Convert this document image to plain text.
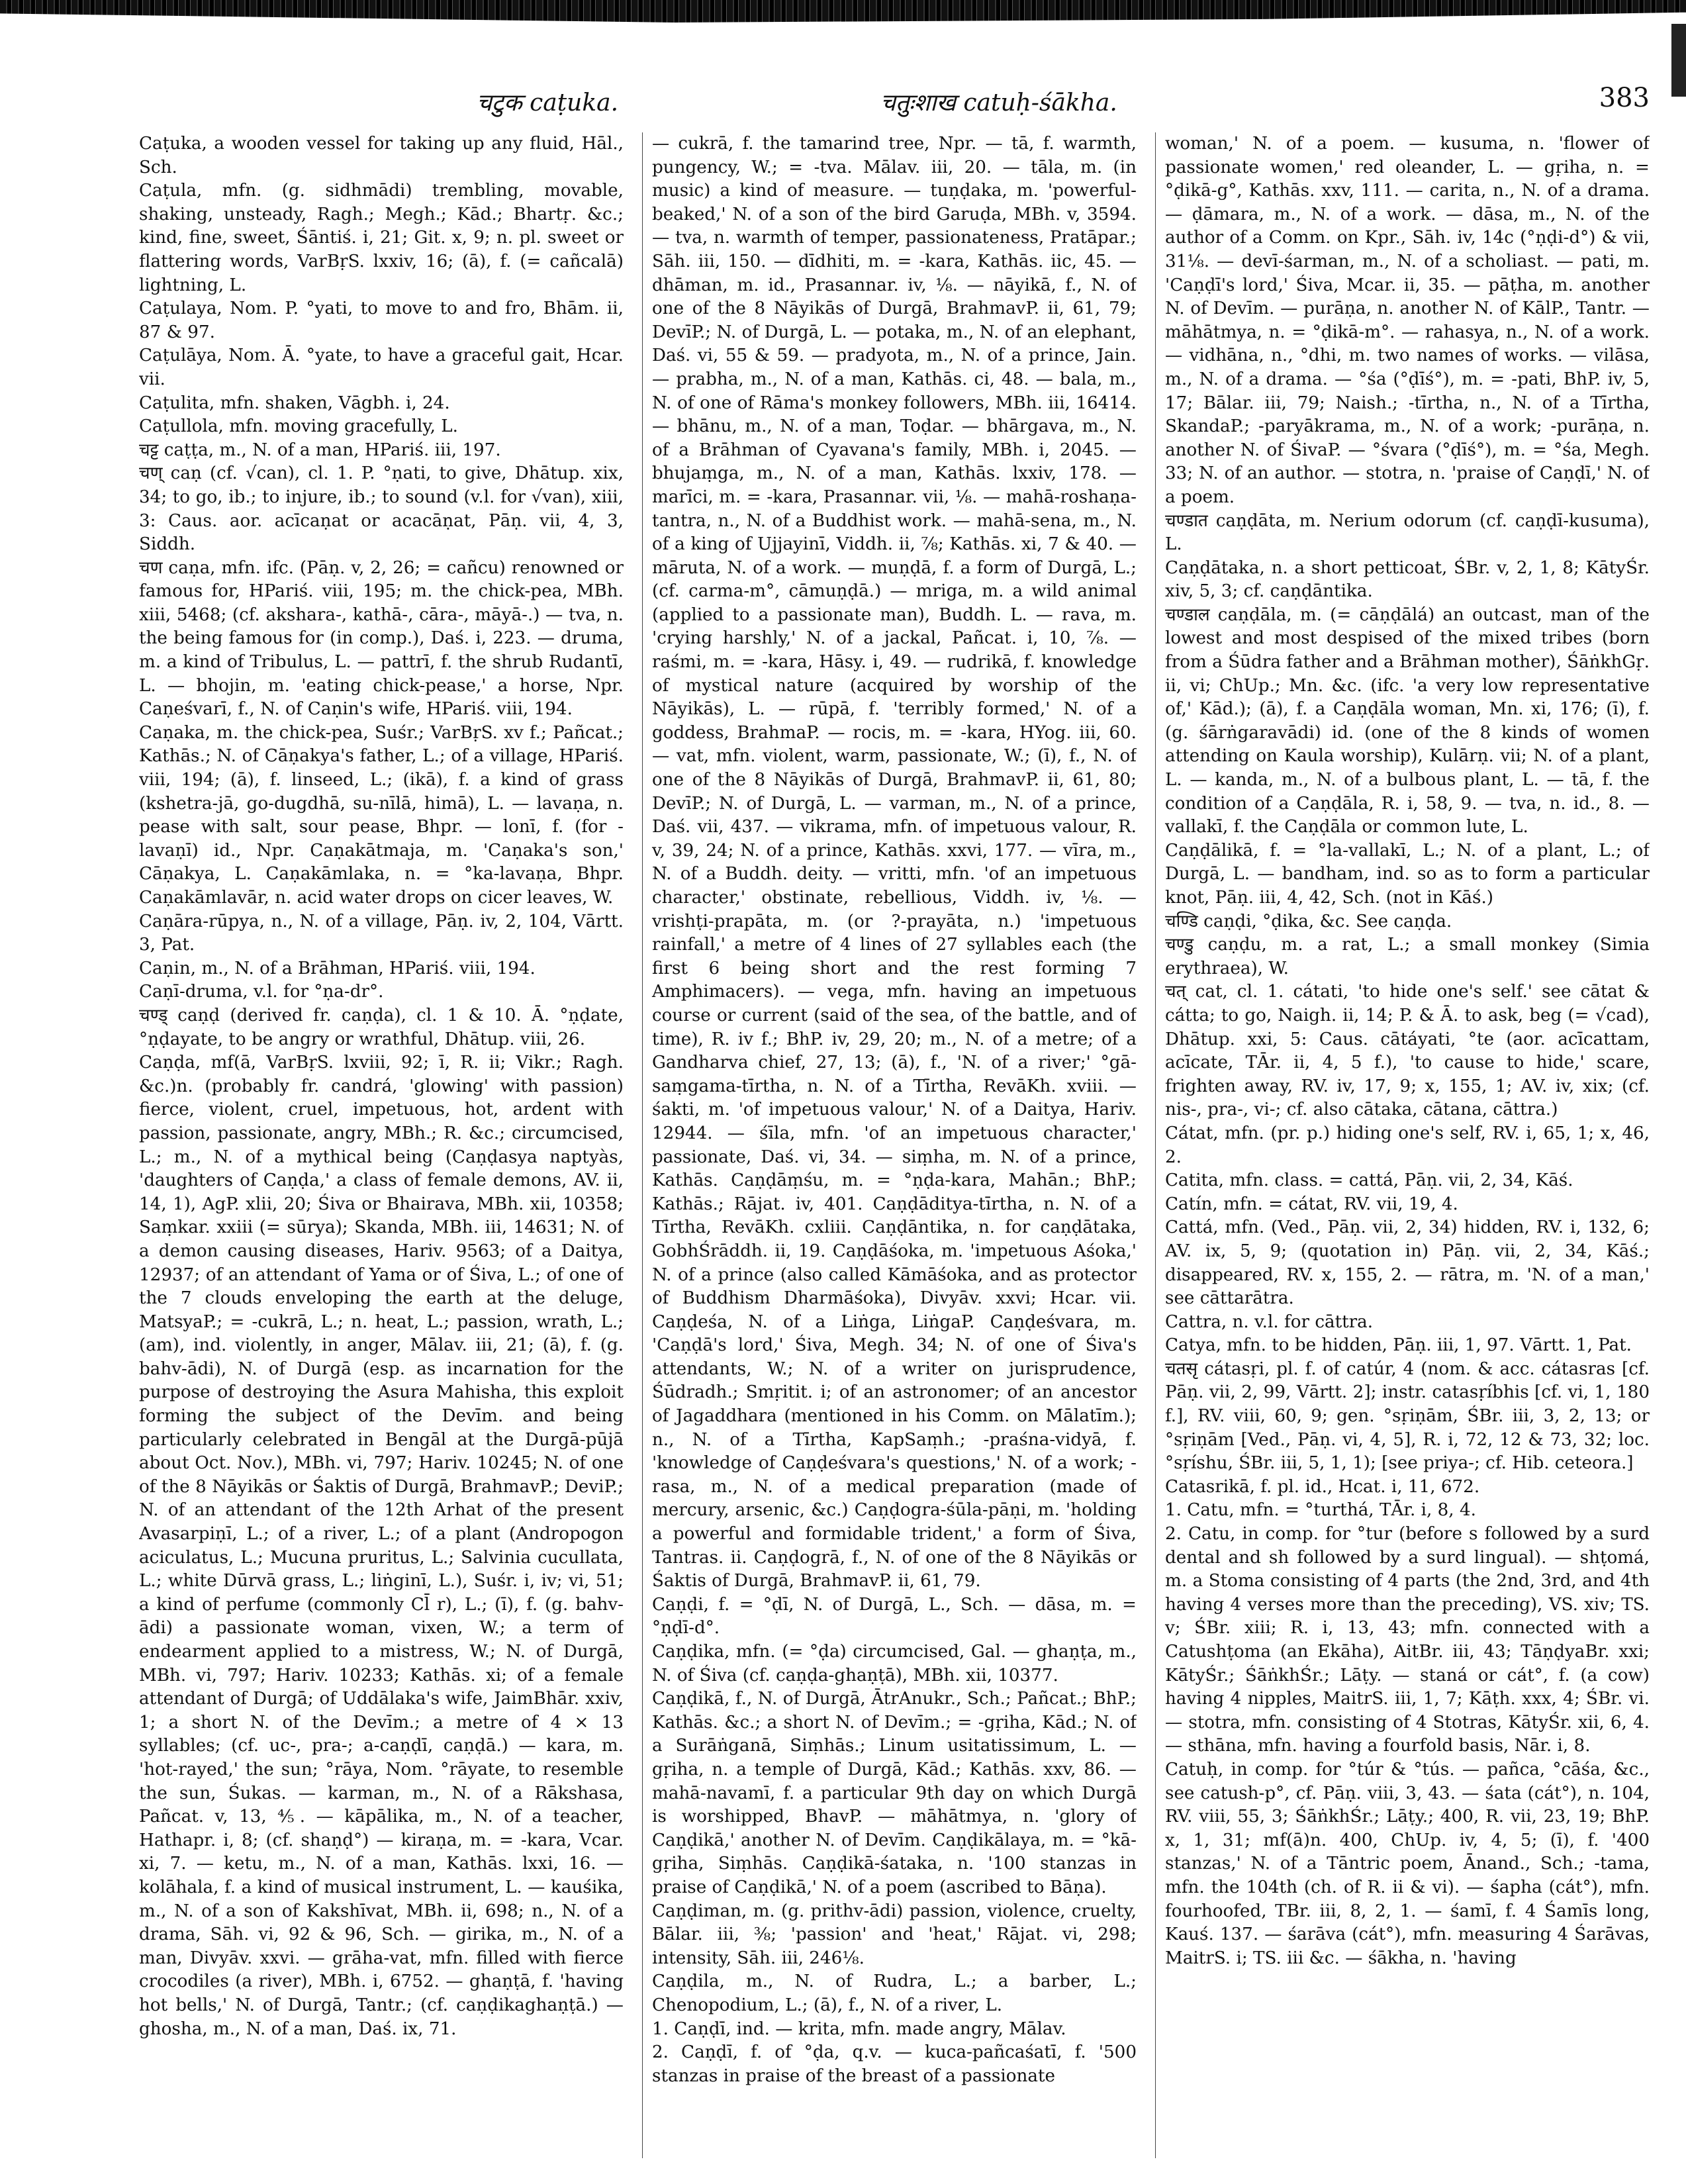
चटुक caṭuka.	चतुःशाख catuḥ-śākha.	383

Caṭuka, a wooden vessel for taking up any fluid, Hāl., Sch.

Caṭula, mfn. (g. sidhmādi) trembling, movable, shaking, unsteady, Ragh.; Megh.; Kād.; Bhartṛ. &c.; kind, fine, sweet, Śāntiś. i, 21; Git. x, 9; n. pl. sweet or flattering words, VarBṛS. lxxiv, 16; (ā), f. (= cañcalā) lightning, L.

Caṭulaya, Nom. P. °yati, to move to and fro, Bhām. ii, 87 & 97.

Caṭulāya, Nom. Ā. °yate, to have a graceful gait, Hcar. vii.

Caṭulita, mfn. shaken, Vāgbh. i, 24.

Caṭullola, mfn. moving gracefully, L.

चट्ट caṭṭa, m., N. of a man, HPariś. iii, 197.

चण् caṇ (cf. √can), cl. 1. P. °ṇati, to give, Dhātup. xix, 34; to go, ib.; to injure, ib.; to sound (v.l. for √van), xiii, 3: Caus. aor. acīcaṇat or acacāṇat, Pāṇ. vii, 4, 3, Siddh.

चण caṇa, mfn. ifc. (Pāṇ. v, 2, 26; = cañcu) renowned or famous for, HPariś. viii, 195; m. the chick-pea, MBh. xiii, 5468; (cf. akshara-, kathā-, cāra-, māyā-.) — tva, n. the being famous for (in comp.), Daś. i, 223. — druma, m. a kind of Tribulus, L. — pattrī, f. the shrub Rudantī, L. — bhojin, m. 'eating chick-pease,' a horse, Npr. Caṇeśvarī, f., N. of Caṇin's wife, HPariś. viii, 194.

Caṇaka, m. the chick-pea, Suśr.; VarBṛS. xv f.; Pañcat.; Kathās.; N. of Cāṇakya's father, L.; of a village, HPariś. viii, 194; (ā), f. linseed, L.; (ikā), f. a kind of grass (kshetra-jā, go-dugdhā, su-nīlā, himā), L. — lavaṇa, n. pease with salt, sour pease, Bhpr. — lonī, f. (for -lavaṇī) id., Npr. Caṇakātmaja, m. 'Caṇaka's son,' Cāṇakya, L. Caṇakāmlaka, n. = °ka-lavaṇa, Bhpr. Caṇakāmlavār, n. acid water drops on cicer leaves, W.

Caṇāra-rūpya, n., N. of a village, Pāṇ. iv, 2, 104, Vārtt. 3, Pat.

Caṇin, m., N. of a Brāhman, HPariś. viii, 194.

Caṇī-druma, v.l. for °ṇa-dr°.

चण्ड् caṇḍ (derived fr. caṇḍa), cl. 1 & 10. Ā. °ṇḍate, °ṇḍayate, to be angry or wrathful, Dhātup. viii, 26.

Caṇḍa, mf(ā, VarBṛS. lxviii, 92; ī, R. ii; Vikr.; Ragh. &c.)n. (probably fr. candrá, 'glowing' with passion) fierce, violent, cruel, impetuous, hot, ardent with passion, passionate, angry, MBh.; R. &c.; circumcised, L.; m., N. of a mythical being (Caṇḍasya naptyàs, 'daughters of Caṇḍa,' a class of female demons, AV. ii, 14, 1), AgP. xlii, 20; Śiva or Bhairava, MBh. xii, 10358; Saṃkar. xxiii (= sūrya); Skanda, MBh. iii, 14631; N. of a demon causing diseases, Hariv. 9563; of a Daitya, 12937; of an attendant of Yama or of Śiva, L.; of one of the 7 clouds enveloping the earth at the deluge, MatsyaP.; = -cukrā, L.; n. heat, L.; passion, wrath, L.; (am), ind. violently, in anger, Mālav. iii, 21; (ā), f. (g. bahv-ādi), N. of Durgā (esp. as incarnation for the purpose of destroying the Asura Mahisha, this exploit forming the subject of the Devīm. and being particularly celebrated in Bengāl at the Durgā-pūjā about Oct. Nov.), MBh. vi, 797; Hariv. 10245; N. of one of the 8 Nāyikās or Śaktis of Durgā, BrahmavP.; DeviP.; N. of an attendant of the 12th Arhat of the present Avasarpiṇī, L.; of a river, L.; of a plant (Andropogon aciculatus, L.; Mucuna pruritus, L.; Salvinia cucullata, L.; white Dūrvā grass, L.; liṅginī, L.), Suśr. i, iv; vi, 51; a kind of perfume (commonly Cl̄ r), L.; (ī), f. (g. bahv-ādi) a passionate woman, vixen, W.; a term of endearment applied to a mistress, W.; N. of Durgā, MBh. vi, 797; Hariv. 10233; Kathās. xi; of a female attendant of Durgā; of Uddālaka's wife, JaimBhār. xxiv, 1; a short N. of the Devīm.; a metre of 4 × 13 syllables; (cf. uc-, pra-; a-caṇḍī, caṇḍā.) — kara, m. 'hot-rayed,' the sun; °rāya, Nom. °rāyate, to resemble the sun, Śukas. — karman, m., N. of a Rākshasa, Pañcat. v, 13, ⅘. — kāpālika, m., N. of a teacher, Hathapr. i, 8; (cf. shaṇḍ°) — kiraṇa, m. = -kara, Vcar. xi, 7. — ketu, m., N. of a man, Kathās. lxxi, 16. — kolāhala, f. a kind of musical instrument, L. — kauśika, m., N. of a son of Kakshīvat, MBh. ii, 698; n., N. of a drama, Sāh. vi, 92 & 96, Sch. — girika, m., N. of a man, Divyāv. xxvi. — grāha-vat, mfn. filled with fierce crocodiles (a river), MBh. i, 6752. — ghaṇṭā, f. 'having hot bells,' N. of Durgā, Tantr.; (cf. caṇḍikaghaṇṭā.) — ghosha, m., N. of a man, Daś. ix, 71.

— cukrā, f. the tamarind tree, Npr. — tā, f. warmth, pungency, W.; = -tva. Mālav. iii, 20. — tāla, m. (in music) a kind of measure. — tuṇḍaka, m. 'powerful-beaked,' N. of a son of the bird Garuḍa, MBh. v, 3594. — tva, n. warmth of temper, passionateness, Pratāpar.; Sāh. iii, 150. — dīdhiti, m. = -kara, Kathās. iic, 45. — dhāman, m. id., Prasannar. iv, ⅛. — nāyikā, f., N. of one of the 8 Nāyikās of Durgā, BrahmavP. ii, 61, 79; DevīP.; N. of Durgā, L. — potaka, m., N. of an elephant, Daś. vi, 55 & 59. — pradyota, m., N. of a prince, Jain. — prabha, m., N. of a man, Kathās. ci, 48. — bala, m., N. of one of Rāma's monkey followers, MBh. iii, 16414. — bhānu, m., N. of a man, Toḍar. — bhārgava, m., N. of a Brāhman of Cyavana's family, MBh. i, 2045. — bhujaṃga, m., N. of a man, Kathās. lxxiv, 178. — marīci, m. = -kara, Prasannar. vii, ⅛. — mahā-roshaṇa-tantra, n., N. of a Buddhist work. — mahā-sena, m., N. of a king of Ujjayinī, Viddh. ii, ⅞; Kathās. xi, 7 & 40. — māruta, N. of a work. — muṇḍā, f. a form of Durgā, L.; (cf. carma-m°, cāmuṇḍā.) — mriga, m. a wild animal (applied to a passionate man), Buddh. L. — rava, m. 'crying harshly,' N. of a jackal, Pañcat. i, 10, ⅞. — raśmi, m. = -kara, Hāsy. i, 49. — rudrikā, f. knowledge of mystical nature (acquired by worship of the Nāyikās), L. — rūpā, f. 'terribly formed,' N. of a goddess, BrahmaP. — rocis, m. = -kara, HYog. iii, 60. — vat, mfn. violent, warm, passionate, W.; (ī), f., N. of one of the 8 Nāyikās of Durgā, BrahmavP. ii, 61, 80; DevīP.; N. of Durgā, L. — varman, m., N. of a prince, Daś. vii, 437. — vikrama, mfn. of impetuous valour, R. v, 39, 24; N. of a prince, Kathās. xxvi, 177. — vīra, m., N. of a Buddh. deity. — vritti, mfn. 'of an impetuous character,' obstinate, rebellious, Viddh. iv, ⅛. — vrishṭi-prapāta, m. (or ?-prayāta, n.) 'impetuous rainfall,' a metre of 4 lines of 27 syllables each (the first 6 being short and the rest forming 7 Amphimacers). — vega, mfn. having an impetuous course or current (said of the sea, of the battle, and of time), R. iv f.; BhP. iv, 29, 20; m., N. of a metre; of a Gandharva chief, 27, 13; (ā), f., 'N. of a river;' °gā-saṃgama-tīrtha, n. N. of a Tīrtha, RevāKh. xviii. — śakti, m. 'of impetuous valour,' N. of a Daitya, Hariv. 12944. — śīla, mfn. 'of an impetuous character,' passionate, Daś. vi, 34. — siṃha, m. N. of a prince, Kathās. Caṇḍāṃśu, m. = °ṇḍa-kara, Mahān.; BhP.; Kathās.; Rājat. iv, 401. Caṇḍāditya-tīrtha, n. N. of a Tīrtha, RevāKh. cxliii. Caṇḍāntika, n. for caṇḍātaka, GobhŚrāddh. ii, 19. Caṇḍāśoka, m. 'impetuous Aśoka,' N. of a prince (also called Kāmāśoka, and as protector of Buddhism Dharmāśoka), Divyāv. xxvi; Hcar. vii. Caṇḍeśa, N. of a Liṅga, LiṅgaP. Caṇḍeśvara, m. 'Caṇḍā's lord,' Śiva, Megh. 34; N. of one of Śiva's attendants, W.; N. of a writer on jurisprudence, Śūdradh.; Smṛitit. i; of an astronomer; of an ancestor of Jagaddhara (mentioned in his Comm. on Mālatīm.); n., N. of a Tīrtha, KapSaṃh.; -praśna-vidyā, f. 'knowledge of Caṇḍeśvara's questions,' N. of a work; -rasa, m., N. of a medical preparation (made of mercury, arsenic, &c.) Caṇḍogra-śūla-pāṇi, m. 'holding a powerful and formidable trident,' a form of Śiva, Tantras. ii. Caṇḍogrā, f., N. of one of the 8 Nāyikās or Śaktis of Durgā, BrahmavP. ii, 61, 79.

Caṇḍi, f. = °ḍī, N. of Durgā, L., Sch. — dāsa, m. = °ṇḍī-d°.

Caṇḍika, mfn. (= °ḍa) circumcised, Gal. — ghaṇṭa, m., N. of Śiva (cf. caṇḍa-ghaṇṭā), MBh. xii, 10377.

Caṇḍikā, f., N. of Durgā, ĀtrAnukr., Sch.; Pañcat.; BhP.; Kathās. &c.; a short N. of Devīm.; = -gṛiha, Kād.; N. of a Surāṅganā, Siṃhās.; Linum usitatissimum, L. — gṛiha, n. a temple of Durgā, Kād.; Kathās. xxv, 86. — mahā-navamī, f. a particular 9th day on which Durgā is worshipped, BhavP. — māhātmya, n. 'glory of Caṇḍikā,' another N. of Devīm. Caṇḍikālaya, m. = °kā-gṛiha, Siṃhās. Caṇḍikā-śataka, n. '100 stanzas in praise of Caṇḍikā,' N. of a poem (ascribed to Bāṇa).

Caṇḍiman, m. (g. prithv-ādi) passion, violence, cruelty, Bālar. iii, ⅜; 'passion' and 'heat,' Rājat. vi, 298; intensity, Sāh. iii, 246⅛.

Caṇḍila, m., N. of Rudra, L.; a barber, L.; Chenopodium, L.; (ā), f., N. of a river, L.

1. Caṇḍī, ind. — krita, mfn. made angry, Mālav.

2. Caṇḍī, f. of °ḍa, q.v. — kuca-pañcaśatī, f. '500 stanzas in praise of the breast of a passionate

woman,' N. of a poem. — kusuma, n. 'flower of passionate women,' red oleander, L. — gṛiha, n. = °ḍikā-g°, Kathās. xxv, 111. — carita, n., N. of a drama. — ḍāmara, m., N. of a work. — dāsa, m., N. of the author of a Comm. on Kpr., Sāh. iv, 14c (°ṇḍi-d°) & vii, 31⅛. — devī-śarman, m., N. of a scholiast. — pati, m. 'Caṇḍī's lord,' Śiva, Mcar. ii, 35. — pāṭha, m. another N. of Devīm. — purāṇa, n. another N. of KālP., Tantr. — māhātmya, n. = °ḍikā-m°. — rahasya, n., N. of a work. — vidhāna, n., °dhi, m. two names of works. — vilāsa, m., N. of a drama. — °śa (°ḍīś°), m. = -pati, BhP. iv, 5, 17; Bālar. iii, 79; Naish.; -tīrtha, n., N. of a Tīrtha, SkandaP.; -paryākrama, m., N. of a work; -purāṇa, n. another N. of ŚivaP. — °śvara (°ḍīś°), m. = °śa, Megh. 33; N. of an author. — stotra, n. 'praise of Caṇḍī,' N. of a poem.

चण्डात caṇḍāta, m. Nerium odorum (cf. caṇḍī-kusuma), L.

Caṇḍātaka, n. a short petticoat, ŚBr. v, 2, 1, 8; KātyŚr. xiv, 5, 3; cf. caṇḍāntika.

चण्डाल caṇḍāla, m. (= cāṇḍālá) an outcast, man of the lowest and most despised of the mixed tribes (born from a Śūdra father and a Brāhman mother), ŚāṅkhGṛ. ii, vi; ChUp.; Mn. &c. (ifc. 'a very low representative of,' Kād.); (ā), f. a Caṇḍāla woman, Mn. xi, 176; (ī), f. (g. śārṅgaravādi) id. (one of the 8 kinds of women attending on Kaula worship), Kulārṇ. vii; N. of a plant, L. — kanda, m., N. of a bulbous plant, L. — tā, f. the condition of a Caṇḍāla, R. i, 58, 9. — tva, n. id., 8. — vallakī, f. the Caṇḍāla or common lute, L.

Caṇḍālikā, f. = °la-vallakī, L.; N. of a plant, L.; of Durgā, L. — bandham, ind. so as to form a particular knot, Pāṇ. iii, 4, 42, Sch. (not in Kāś.)

चण्डि caṇḍi, °ḍika, &c. See caṇḍa.

चण्डु caṇḍu, m. a rat, L.; a small monkey (Simia erythraea), W.

चत् cat, cl. 1. cátati, 'to hide one's self.' see cātat & cátta; to go, Naigh. ii, 14; P. & Ā. to ask, beg (= √cad), Dhātup. xxi, 5: Caus. cātáyati, °te (aor. acīcattam, acīcate, TĀr. ii, 4, 5 f.), 'to cause to hide,' scare, frighten away, RV. iv, 17, 9; x, 155, 1; AV. iv, xix; (cf. nis-, pra-, vi-; cf. also cātaka, cātana, cāttra.)

Cátat, mfn. (pr. p.) hiding one's self, RV. i, 65, 1; x, 46, 2.

Catita, mfn. class. = cattá, Pāṇ. vii, 2, 34, Kāś.

Catín, mfn. = cátat, RV. vii, 19, 4.

Cattá, mfn. (Ved., Pāṇ. vii, 2, 34) hidden, RV. i, 132, 6; AV. ix, 5, 9; (quotation in) Pāṇ. vii, 2, 34, Kāś.; disappeared, RV. x, 155, 2. — rātra, m. 'N. of a man,' see cāttarātra.

Cattra, n. v.l. for cāttra.

Catya, mfn. to be hidden, Pāṇ. iii, 1, 97. Vārtt. 1, Pat.

चतसृ cátasṛi, pl. f. of catúr, 4 (nom. & acc. cátasras [cf. Pāṇ. vii, 2, 99, Vārtt. 2]; instr. catasṛíbhis [cf. vi, 1, 180 f.], RV. viii, 60, 9; gen. °sṛiṇām, ŚBr. iii, 3, 2, 13; or °sṛiṇām [Ved., Pāṇ. vi, 4, 5], R. i, 72, 12 & 73, 32; loc. °sṛíshu, ŚBr. iii, 5, 1, 1); [see priya-; cf. Hib. ceteora.]

Catasrikā, f. pl. id., Hcat. i, 11, 672.

1. Catu, mfn. = °turthá, TĀr. i, 8, 4.

2. Catu, in comp. for °tur (before s followed by a surd dental and sh followed by a surd lingual). — shṭomá, m. a Stoma consisting of 4 parts (the 2nd, 3rd, and 4th having 4 verses more than the preceding), VS. xiv; TS. v; ŚBr. xiii; R. i, 13, 43; mfn. connected with a Catushṭoma (an Ekāha), AitBr. iii, 43; TāṇḍyaBr. xxi; KātyŚr.; ŚāṅkhŚr.; Lāṭy. — staná or cát°, f. (a cow) having 4 nipples, MaitrS. iii, 1, 7; Kāṭh. xxx, 4; ŚBr. vi. — stotra, mfn. consisting of 4 Stotras, KātyŚr. xii, 6, 4. — sthāna, mfn. having a fourfold basis, Nār. i, 8.

Catuḥ, in comp. for °túr & °tús. — pañca, °cāśa, &c., see catush-p°, cf. Pāṇ. viii, 3, 43. — śata (cát°), n. 104, RV. viii, 55, 3; ŚāṅkhŚr.; Lāṭy.; 400, R. vii, 23, 19; BhP. x, 1, 31; mf(ā)n. 400, ChUp. iv, 4, 5; (ī), f. '400 stanzas,' N. of a Tāntric poem, Ānand., Sch.; -tama, mfn. the 104th (ch. of R. ii & vi). — śapha (cát°), mfn. fourhoofed, TBr. iii, 8, 2, 1. — śamī, f. 4 Śamīs long, Kauś. 137. — śarāva (cát°), mfn. measuring 4 Śarāvas, MaitrS. i; TS. iii &c. — śākha, n. 'having
